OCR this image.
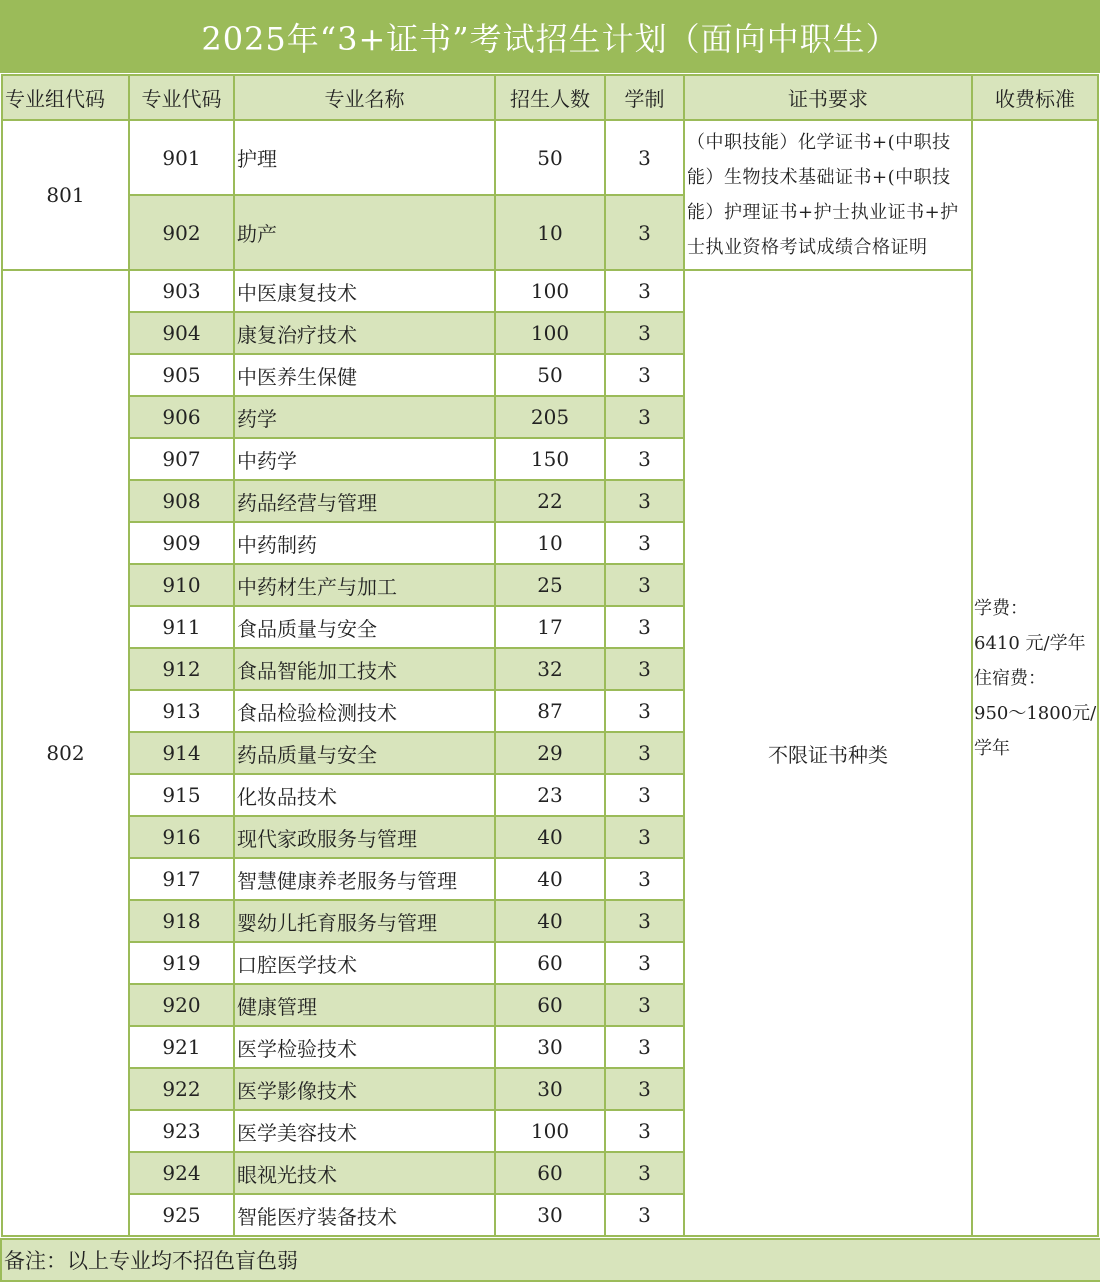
2025年“3+证书”考试招生计划（面向中职生）
专业组代码	专业代码	专业名称	招生人数	学制	证书要求	收费标准
801	901	护理	50	3	（中职技能）化学证书+(中职技能）生物技术基础证书+(中职技能）护理证书+护士执业证书+护士执业资格考试成绩合格证明	学费：
6410 元/学年
住宿费：
950～1800元/
学年

	902	助产	10	3		
802	903	中医康复技术	100	3	不限证书种类	
	904	康复治疗技术	100	3		
	905	中医养生保健	50	3		
	906	药学	205	3		
	907	中药学	150	3		
	908	药品经营与管理	22	3		
	909	中药制药	10	3		
	910	中药材生产与加工	25	3		
	911	食品质量与安全	17	3		
	912	食品智能加工技术	32	3		
	913	食品检验检测技术	87	3		
	914	药品质量与安全	29	3		
	915	化妆品技术	23	3		
	916	现代家政服务与管理	40	3		
	917	智慧健康养老服务与管理	40	3		
	918	婴幼儿托育服务与管理	40	3		
	919	口腔医学技术	60	3		
	920	健康管理	60	3		
	921	医学检验技术	30	3		
	922	医学影像技术	30	3		
	923	医学美容技术	100	3		
	924	眼视光技术	60	3		
	925	智能医疗装备技术	30	3		
备注：以上专业均不招色盲色弱
